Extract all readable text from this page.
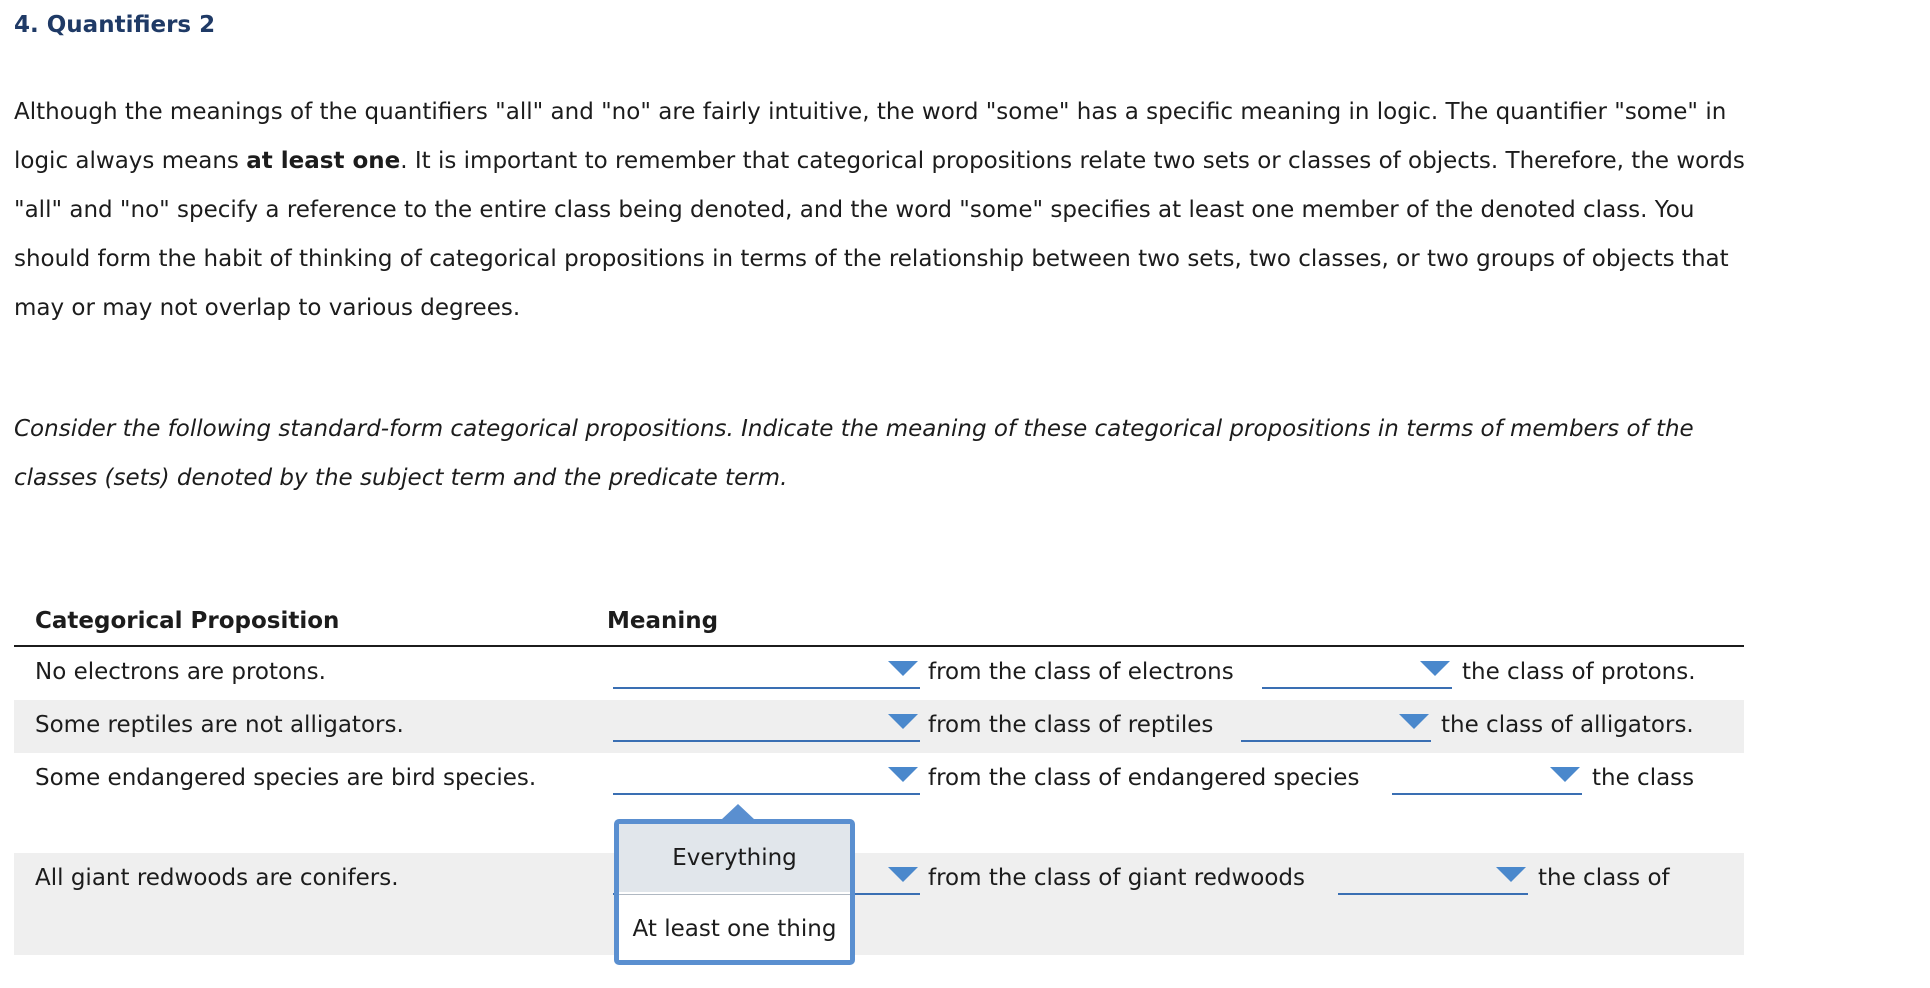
4. Quantifiers 2
Although the meanings of the quantifiers "all" and "no" are fairly intuitive, the word "some" has a specific meaning in logic. The quantifier "some" in
logic always means at least one. It is important to remember that categorical propositions relate two sets or classes of objects. Therefore, the words
"all" and "no" specify a reference to the entire class being denoted, and the word "some" specifies at least one member of the denoted class. You
should form the habit of thinking of categorical propositions in terms of the relationship between two sets, two classes, or two groups of objects that
may or may not overlap to various degrees.
Consider the following standard-form categorical propositions. Indicate the meaning of these categorical propositions in terms of members of the
classes (sets) denoted by the subject term and the predicate term.
Categorical Proposition	Meaning
No electrons are protons.	from the class of electrons	the class of protons.
Some reptiles are not alligators.	from the class of reptiles	the class of alligators.
Some endangered species are bird species.	from the class of endangered species	the class
All giant redwoods are conifers.	from the class of giant redwoods	the class of
Everything
At least one thing
